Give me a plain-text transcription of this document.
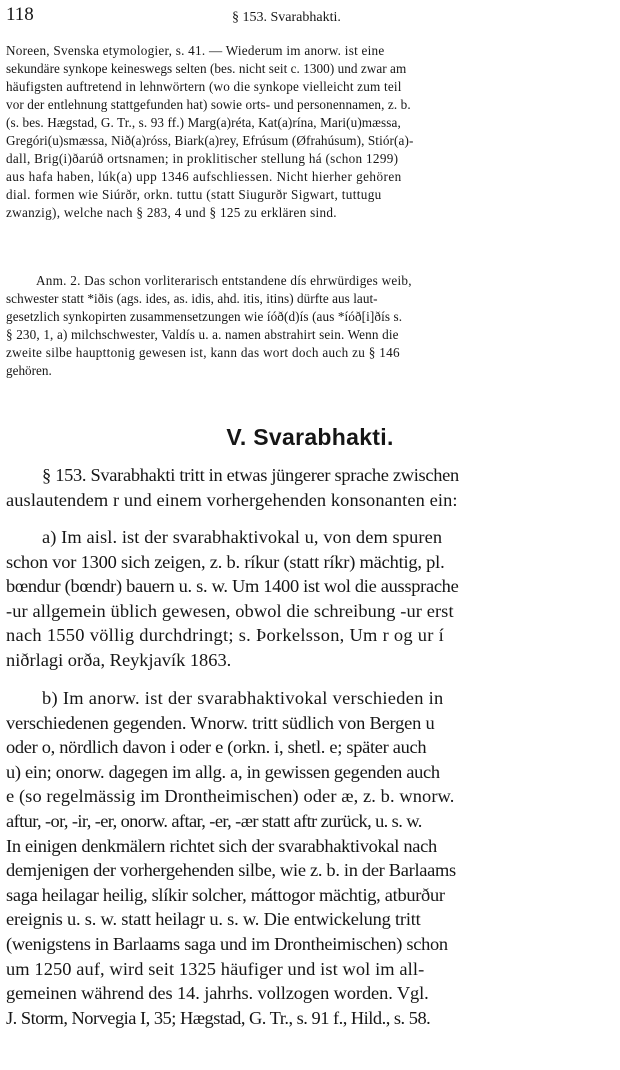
118	§ 153. Svarabhakti.
Noreen, Svenska etymologier, s. 41. — Wiederum im anorw. ist eine
sekundäre synkope keineswegs selten (bes. nicht seit c. 1300) und zwar am
häufigsten auftretend in lehnwörtern (wo die synkope vielleicht zum teil
vor der entlehnung stattgefunden hat) sowie orts- und personennamen, z. b.
(s. bes. Hægstad, G. Tr., s. 93 ff.) Marg(a)réta, Kat(a)rína, Mari(u)mæssa,
Gregóri(u)smæssa, Nið(a)róss, Biark(a)rey, Efrúsum (Øfrahúsum), Stiór(a)-
dall, Brig(i)ðarúð ortsnamen; in proklitischer stellung há (schon 1299)
aus hafa haben, lúk(a) upp 1346 aufschliessen. Nicht hierher gehören
dial. formen wie Siúrðr, orkn. tuttu (statt Siugurðr Sigwart, tuttugu
zwanzig), welche nach § 283, 4 und § 125 zu erklären sind.
Anm. 2. Das schon vorliterarisch entstandene dís ehrwürdiges weib,
schwester statt *iðis (ags. ides, as. idis, ahd. itis, itins) dürfte aus laut-
gesetzlich synkopirten zusammensetzungen wie íóð(d)ís (aus *íóð[i]ðís s.
§ 230, 1, a) milchschwester, Valdís u. a. namen abstrahirt sein. Wenn die
zweite silbe haupttonig gewesen ist, kann das wort doch auch zu § 146
gehören.
V. Svarabhakti.
§ 153. Svarabhakti tritt in etwas jüngerer sprache zwischen
auslautendem r und einem vorhergehenden konsonanten ein:
a) Im aisl. ist der svarabhaktivokal u, von dem spuren
schon vor 1300 sich zeigen, z. b. ríkur (statt ríkr) mächtig, pl.
bœndur (bœndr) bauern u. s. w. Um 1400 ist wol die aussprache
-ur allgemein üblich gewesen, obwol die schreibung -ur erst
nach 1550 völlig durchdringt; s. Þorkelsson, Um r og ur í
niðrlagi orða, Reykjavík 1863.
b) Im anorw. ist der svarabhaktivokal verschieden in
verschiedenen gegenden. Wnorw. tritt südlich von Bergen u
oder o, nördlich davon i oder e (orkn. i, shetl. e; später auch
u) ein; onorw. dagegen im allg. a, in gewissen gegenden auch
e (so regelmässig im Drontheimischen) oder æ, z. b. wnorw.
aftur, -or, -ir, -er, onorw. aftar, -er, -ær statt aftr zurück, u. s. w.
In einigen denkmälern richtet sich der svarabhaktivokal nach
demjenigen der vorhergehenden silbe, wie z. b. in der Barlaams
saga heilagar heilig, slíkir solcher, máttogor mächtig, atburður
ereignis u. s. w. statt heilagr u. s. w. Die entwickelung tritt
(wenigstens in Barlaams saga und im Drontheimischen) schon
um 1250 auf, wird seit 1325 häufiger und ist wol im all-
gemeinen während des 14. jahrhs. vollzogen worden. Vgl.
J. Storm, Norvegia I, 35; Hægstad, G. Tr., s. 91 f., Hild., s. 58.
